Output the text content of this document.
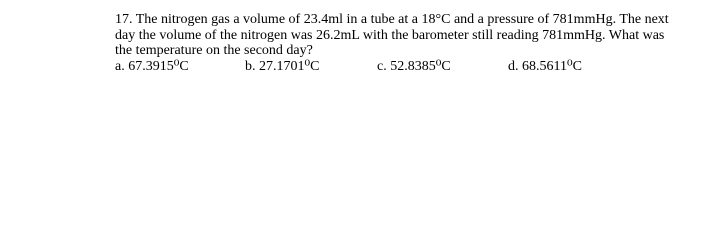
17. The nitrogen gas a volume of 23.4ml in a tube at a 18°C and a pressure of 781mmHg. The next day the volume of the nitrogen was 26.2mL with the barometer still reading 781mmHg. What was the temperature on the second day?

a. 67.3915⁰C	b. 27.1701⁰C	c. 52.8385⁰C	d. 68.5611⁰C
